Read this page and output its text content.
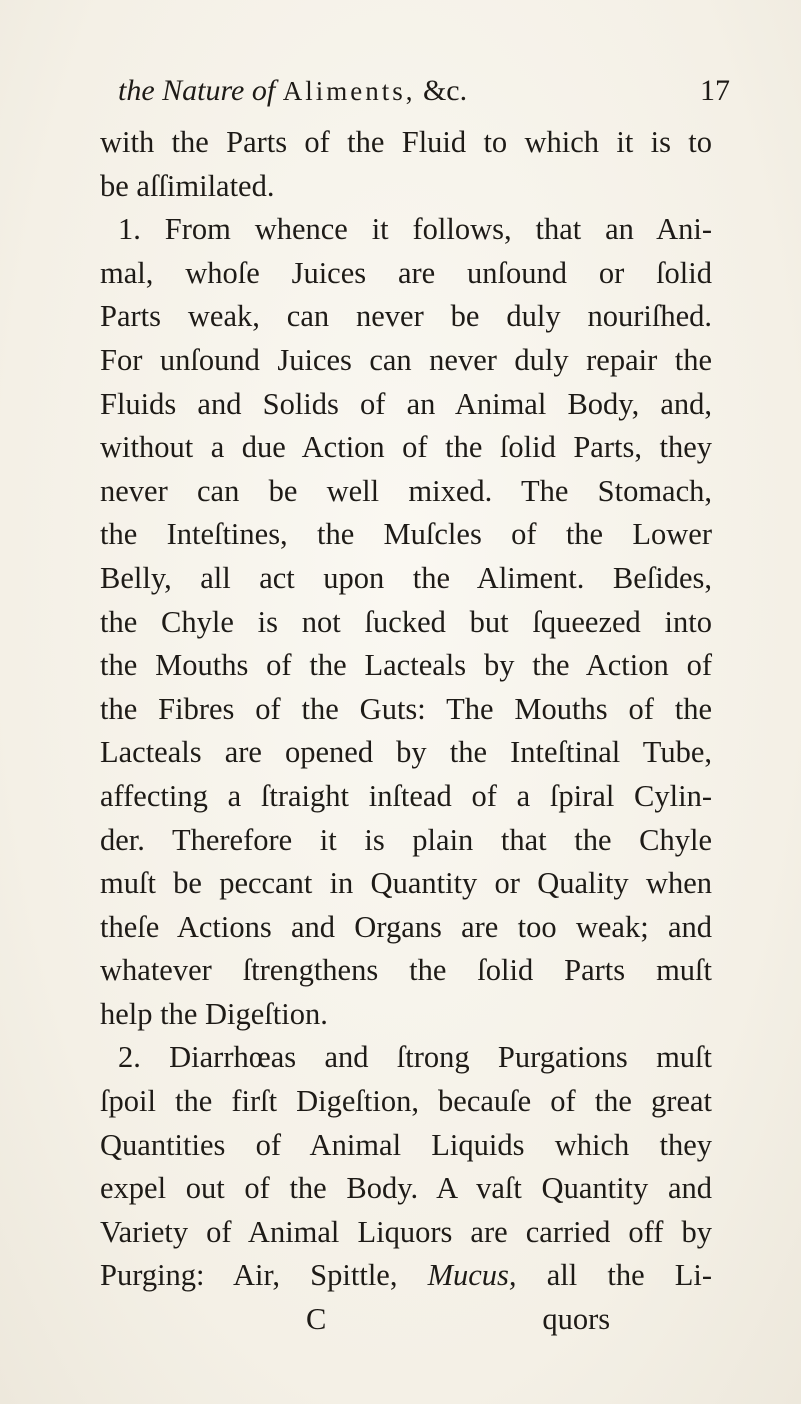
the Nature of Aliments, &c.	17
with the Parts of the Fluid to which it is to
be aſſimilated.
1. From whence it follows, that an Ani-
mal, whoſe Juices are unſound or ſolid
Parts weak, can never be duly nouriſhed.
For unſound Juices can never duly repair the
Fluids and Solids of an Animal Body, and,
without a due Action of the ſolid Parts, they
never can be well mixed. The Stomach,
the Inteſtines, the Muſcles of the Lower
Belly, all act upon the Aliment. Beſides,
the Chyle is not ſucked but ſqueezed into
the Mouths of the Lacteals by the Action of
the Fibres of the Guts: The Mouths of the
Lacteals are opened by the Inteſtinal Tube,
affecting a ſtraight inſtead of a ſpiral Cylin-
der. Therefore it is plain that the Chyle
muſt be peccant in Quantity or Quality when
theſe Actions and Organs are too weak; and
whatever ſtrengthens the ſolid Parts muſt
help the Digeſtion.
2. Diarrhœas and ſtrong Purgations muſt
ſpoil the firſt Digeſtion, becauſe of the great
Quantities of Animal Liquids which they
expel out of the Body. A vaſt Quantity and
Variety of Animal Liquors are carried off by
Purging: Air, Spittle, Mucus, all the Li-
C	quors
